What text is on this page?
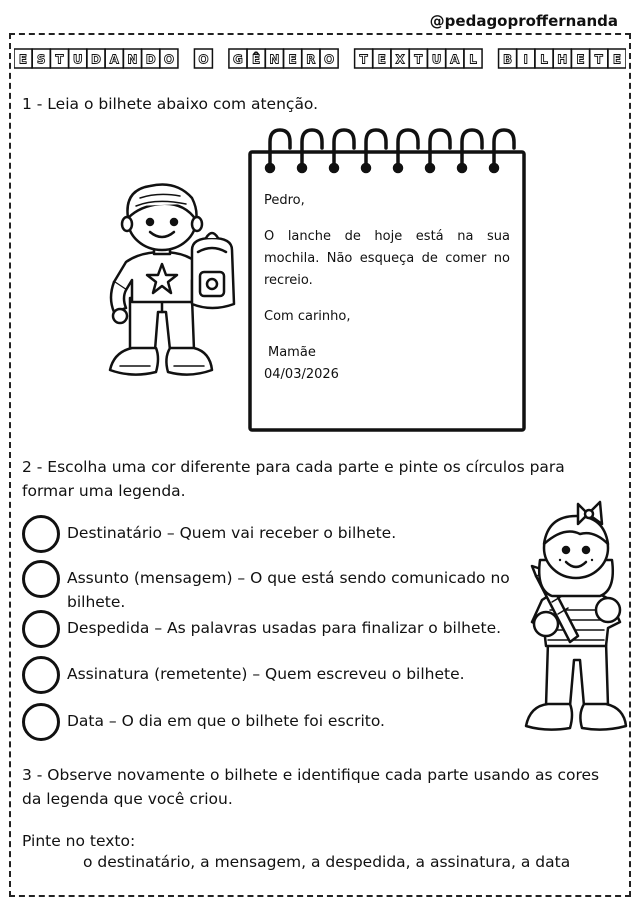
@pedagoproffernanda
E S T U D A N D O O G Ê N E R O T E X T U A L B I L H E T E
1 - Leia o bilhete abaixo com atenção.

Pedro,

O lanche de hoje está na sua mochila. Não esqueça de comer no recreio.

Com carinho,

Mamãe

04/03/2026

2 - Escolha uma cor diferente para cada parte e pinte os círculos para formar uma legenda.
Destinatário – Quem vai receber o bilhete.
Assunto (mensagem) – O que está sendo comunicado no bilhete.
Despedida – As palavras usadas para finalizar o bilhete.
Assinatura (remetente) – Quem escreveu o bilhete.
Data – O dia em que o bilhete foi escrito.
3 - Observe novamente o bilhete e identifique cada parte usando as cores da legenda que você criou.
Pinte no texto:
o destinatário, a mensagem, a despedida, a assinatura, a data
